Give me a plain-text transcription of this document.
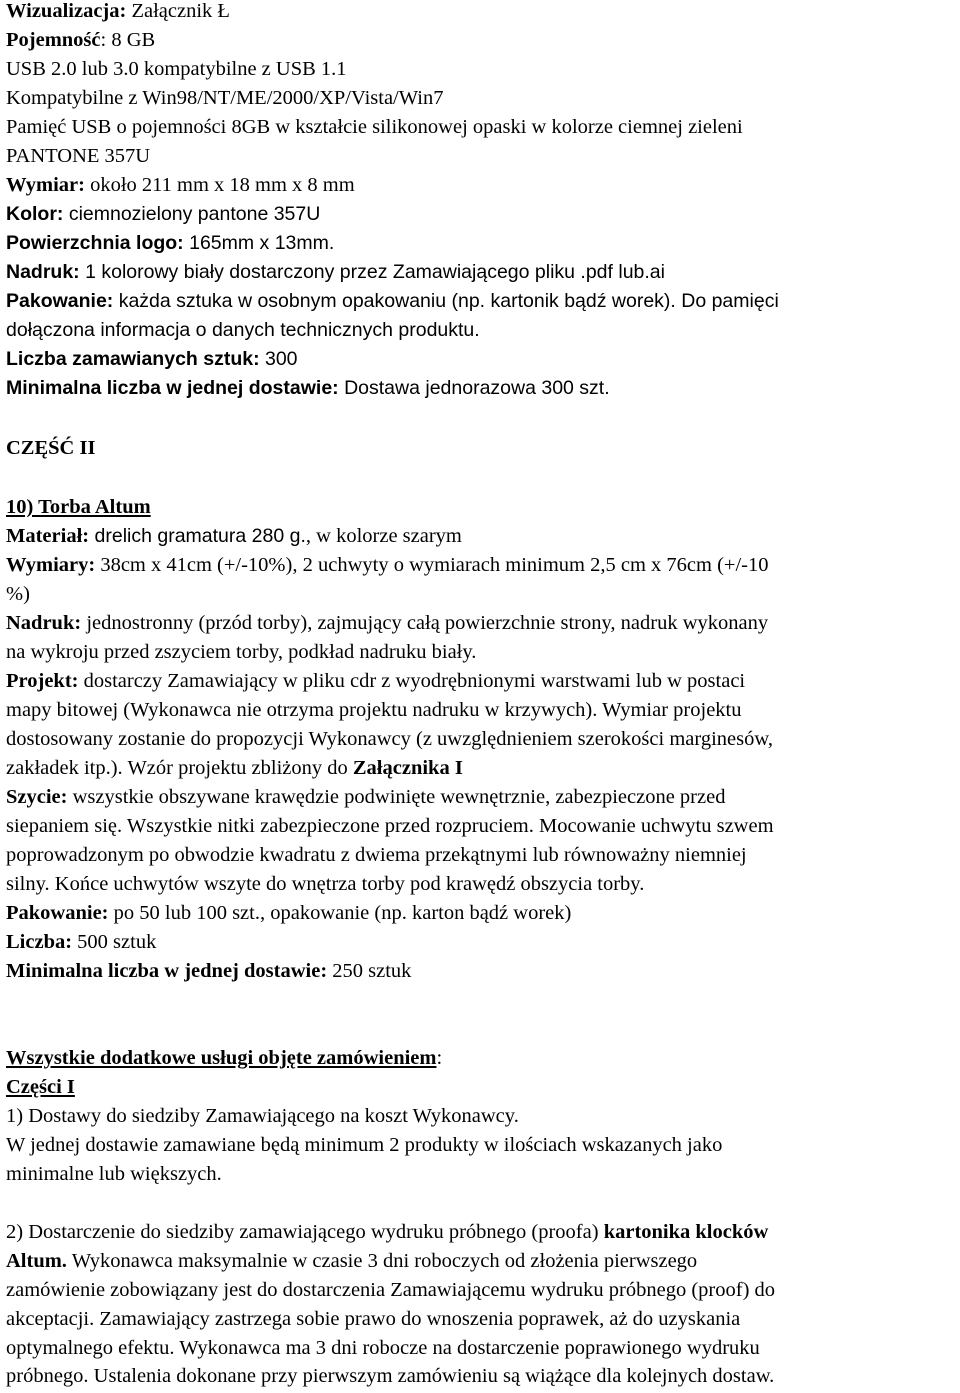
Wizualizacja: Załącznik Ł
Pojemność: 8 GB
USB 2.0 lub 3.0 kompatybilne z USB 1.1
Kompatybilne z Win98/NT/ME/2000/XP/Vista/Win7
Pamięć USB o pojemności 8GB w kształcie silikonowej opaski w kolorze ciemnej zieleni
PANTONE 357U
Wymiar: około 211 mm x 18 mm x 8 mm
Kolor: ciemnozielony pantone 357U
Powierzchnia logo: 165mm x 13mm.
Nadruk: 1 kolorowy biały dostarczony przez Zamawiającego pliku .pdf lub.ai
Pakowanie: każda sztuka w osobnym opakowaniu (np. kartonik bądź worek). Do pamięci
dołączona informacja o danych technicznych produktu.
Liczba zamawianych sztuk: 300
Minimalna liczba w jednej dostawie: Dostawa jednorazowa 300 szt.
CZĘŚĆ II
10) Torba Altum
Materiał: drelich gramatura 280 g., w kolorze szarym
Wymiary: 38cm x 41cm (+/-10%), 2 uchwyty o wymiarach minimum 2,5 cm x 76cm (+/-10
%)
Nadruk: jednostronny (przód torby), zajmujący całą powierzchnie strony, nadruk wykonany
na wykroju przed zszyciem torby, podkład nadruku biały.
Projekt: dostarczy Zamawiający w pliku cdr z wyodrębnionymi warstwami lub w postaci
mapy bitowej (Wykonawca nie otrzyma projektu nadruku w krzywych). Wymiar projektu
dostosowany zostanie do propozycji Wykonawcy (z uwzględnieniem szerokości marginesów,
zakładek itp.). Wzór projektu zbliżony do Załącznika I
Szycie: wszystkie obszywane krawędzie podwinięte wewnętrznie, zabezpieczone przed
siepaniem się. Wszystkie nitki zabezpieczone przed rozpruciem. Mocowanie uchwytu szwem
poprowadzonym po obwodzie kwadratu z dwiema przekątnymi lub równoważny niemniej
silny. Końce uchwytów wszyte do wnętrza torby pod krawędź obszycia torby.
Pakowanie: po 50 lub 100 szt., opakowanie (np. karton bądź worek)
Liczba: 500 sztuk
Minimalna liczba w jednej dostawie: 250 sztuk
Wszystkie dodatkowe usługi objęte zamówieniem:
Części I
1) Dostawy do siedziby Zamawiającego na koszt Wykonawcy.
W jednej dostawie zamawiane będą minimum 2 produkty w ilościach wskazanych jako
minimalne lub większych.
2) Dostarczenie do siedziby zamawiającego wydruku próbnego (proofa) kartonika klocków
Altum. Wykonawca maksymalnie w czasie 3 dni roboczych od złożenia pierwszego
zamówienie zobowiązany jest do dostarczenia Zamawiającemu wydruku próbnego (proof) do
akceptacji. Zamawiający zastrzega sobie prawo do wnoszenia poprawek, aż do uzyskania
optymalnego efektu. Wykonawca ma 3 dni robocze na dostarczenie poprawionego wydruku
próbnego. Ustalenia dokonane przy pierwszym zamówieniu są wiążące dla kolejnych dostaw.
